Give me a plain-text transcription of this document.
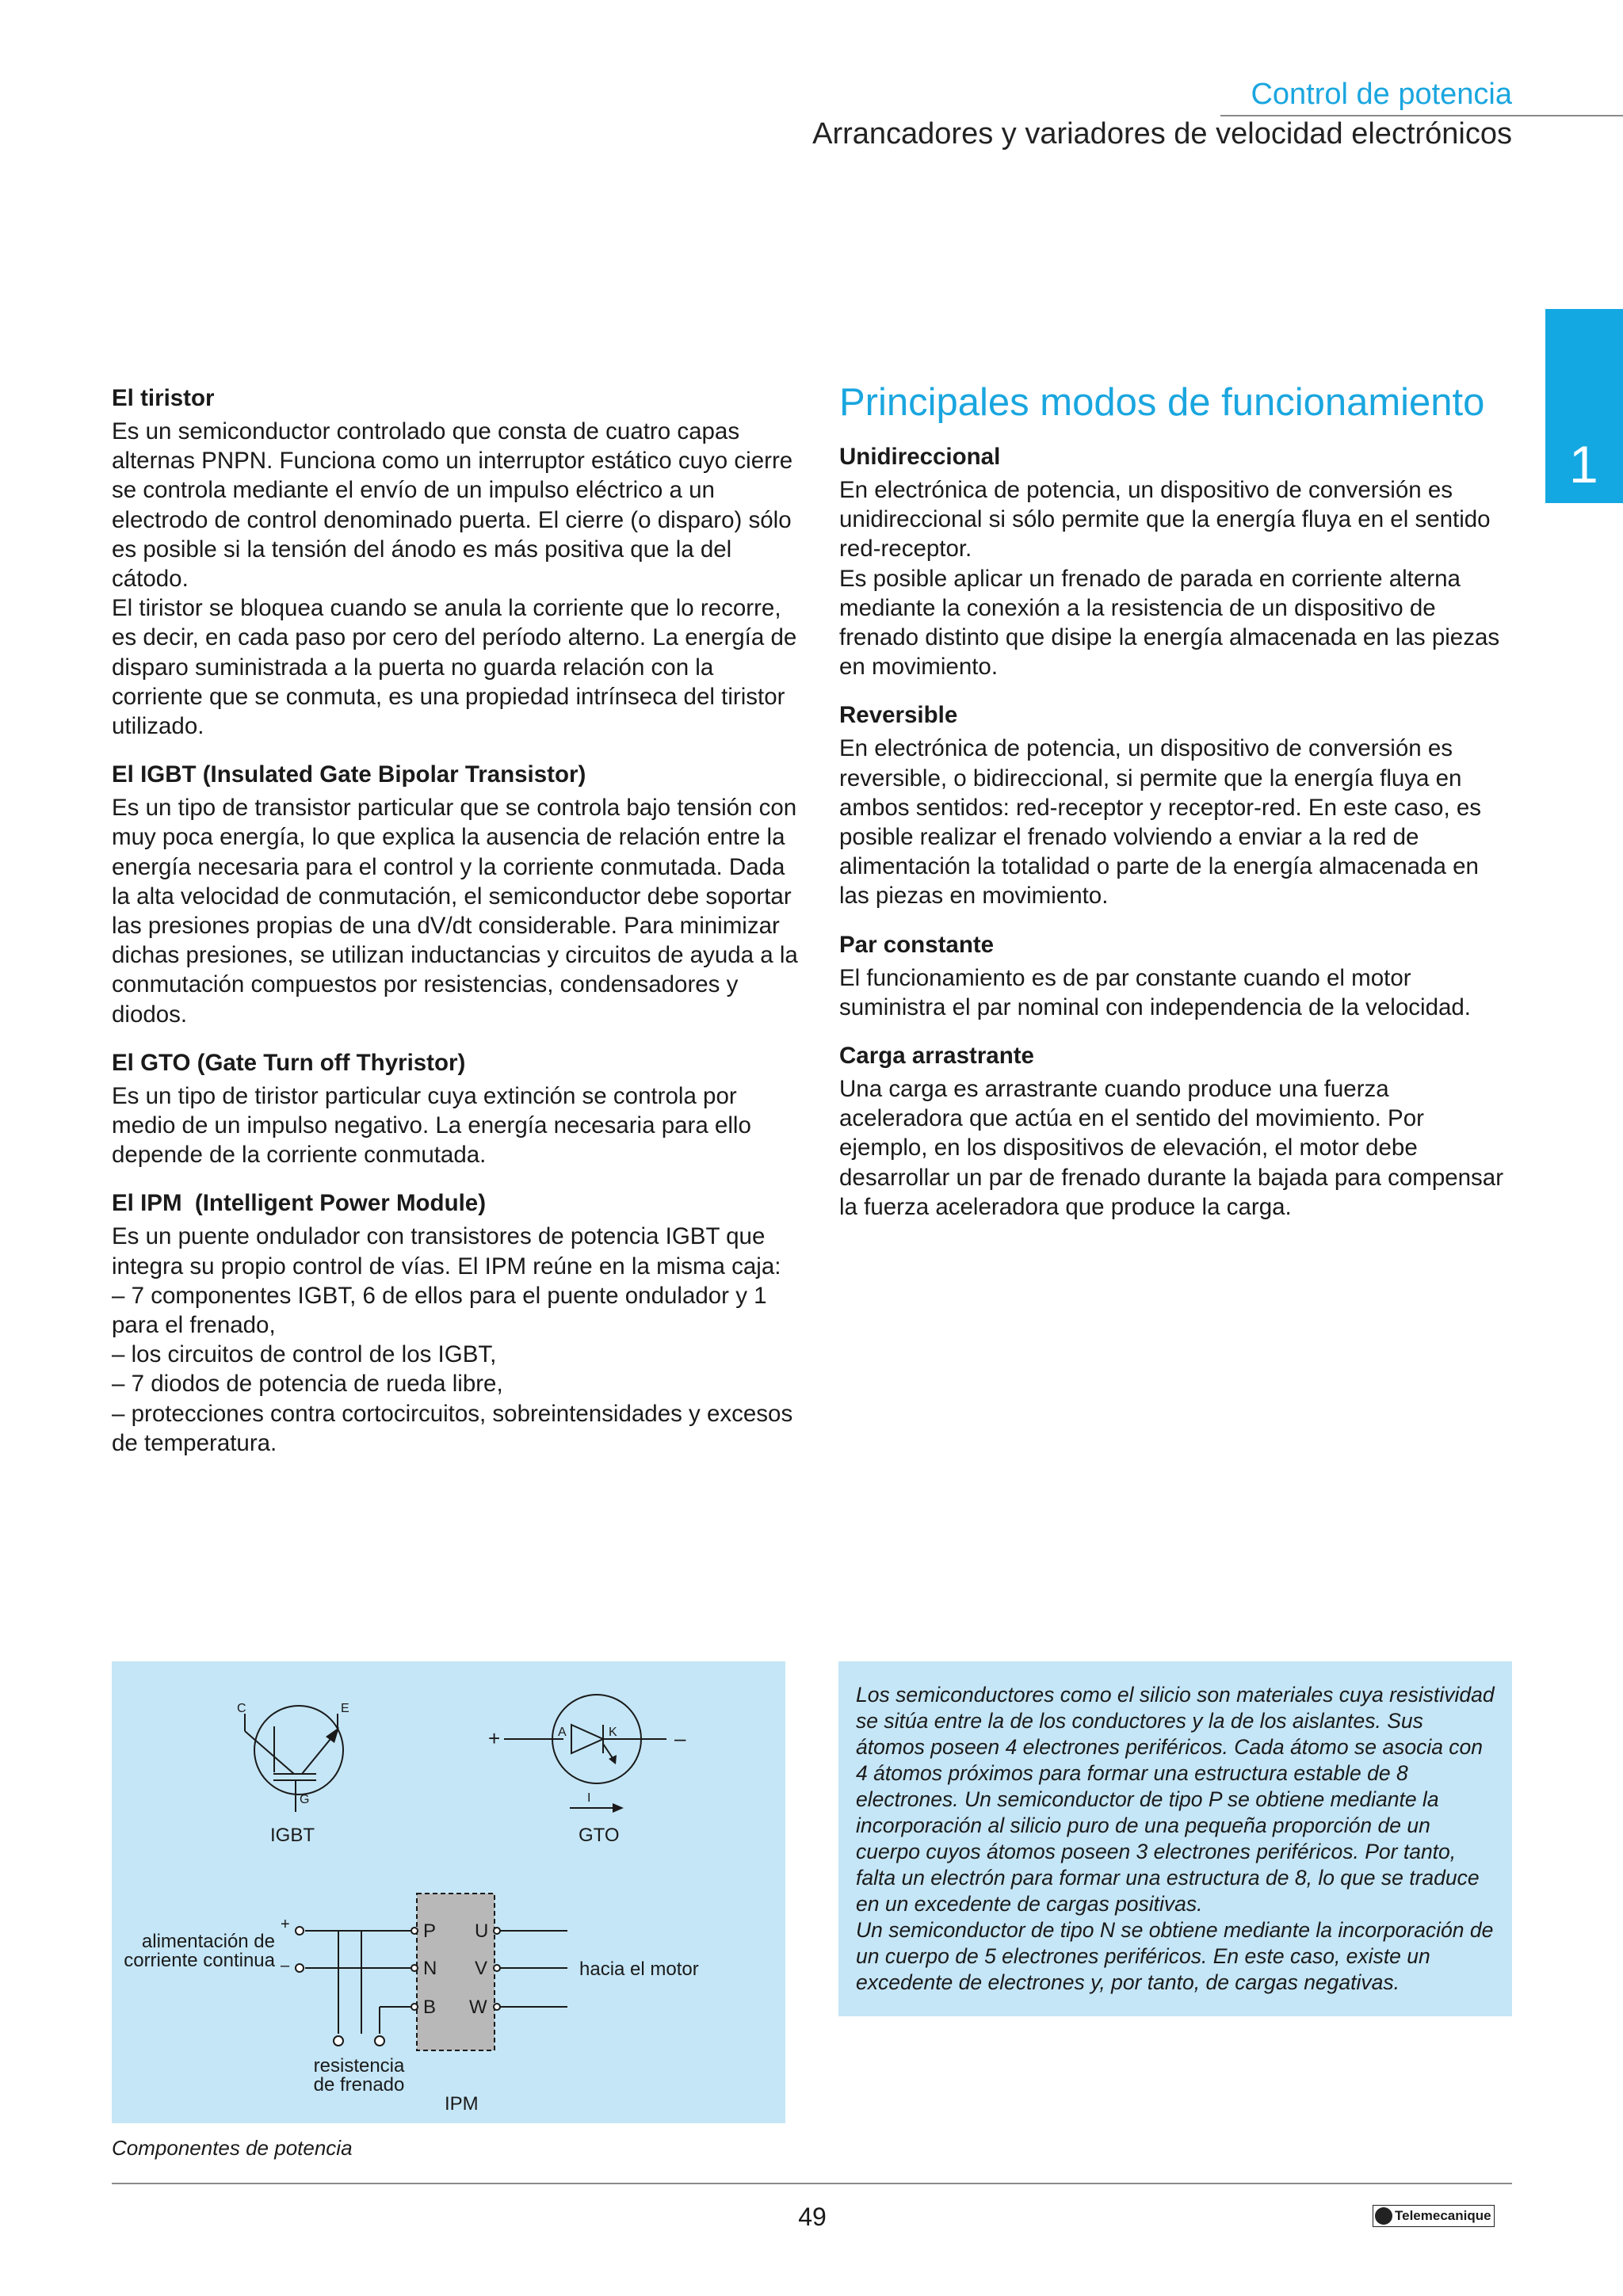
Control de potencia
Arrancadores y variadores de velocidad electrónicos
1
El tiristor

Es un semiconductor controlado que consta de cuatro capas alternas PNPN. Funciona como un interruptor estático cuyo cierre se controla mediante el envío de un impulso eléctrico a un electrodo de control denominado puerta. El cierre (o disparo) sólo es posible si la tensión del ánodo es más positiva que la del cátodo.
El tiristor se bloquea cuando se anula la corriente que lo recorre, es decir, en cada paso por cero del período alterno. La energía de disparo suministrada a la puerta no guarda relación con la corriente que se conmuta, es una propiedad intrínseca del tiristor utilizado.

El IGBT (Insulated Gate Bipolar Transistor)

Es un tipo de transistor particular que se controla bajo tensión con muy poca energía, lo que explica la ausencia de relación entre la energía necesaria para el control y la corriente conmutada. Dada la alta velocidad de conmutación, el semiconductor debe soportar las presiones propias de una dV/dt considerable. Para minimizar dichas presiones, se utilizan inductancias y circuitos de ayuda a la conmutación compuestos por resistencias, condensadores y diodos.

El GTO (Gate Turn off Thyristor)

Es un tipo de tiristor particular cuya extinción se controla por medio de un impulso negativo. La energía necesaria para ello depende de la corriente conmutada.

El IPM  (Intelligent Power Module)

Es un puente ondulador con transistores de potencia IGBT que integra su propio control de vías. El IPM reúne en la misma caja:
– 7 componentes IGBT, 6 de ellos para el puente ondulador y 1 para el frenado,
– los circuitos de control de los IGBT,
– 7 diodos de potencia de rueda libre,
– protecciones contra cortocircuitos, sobreintensidades y excesos de temperatura.

Principales modos de funcionamiento
Unidireccional

En electrónica de potencia, un dispositivo de conversión es unidireccional si sólo permite que la energía fluya en el sentido red-receptor.
Es posible aplicar un frenado de parada en corriente alterna mediante la conexión a la resistencia de un dispositivo de frenado distinto que disipe la energía almacenada en las piezas en movimiento.

Reversible

En electrónica de potencia, un dispositivo de conversión es reversible, o bidireccional, si permite que la energía fluya en ambos sentidos: red-receptor y receptor-red. En este caso, es posible realizar el frenado volviendo a enviar a la red de alimentación la totalidad o parte de la energía almacenada en las piezas en movimiento.

Par constante

El funcionamiento es de par constante cuando el motor suministra el par nominal con independencia de la velocidad.

Carga arrastrante

Una carga es arrastrante cuando produce una fuerza aceleradora que actúa en el sentido del movimiento. Por ejemplo, en los dispositivos de elevación, el motor debe desarrollar un par de frenado durante la bajada para compensar la fuerza aceleradora que produce la carga.

C	E
G
+	A	K	–
I
IGBT	GTO
alimentación de
corriente continua
+
–
P
N
B
U
V
W
hacia el motor
resistencia
de frenado
IPM
Componentes de potencia

Los semiconductores como el silicio son materiales cuya resistividad se sitúa entre la de los conductores y la de los aislantes. Sus átomos poseen 4 electrones periféricos. Cada átomo se asocia con 4 átomos próximos para formar una estructura estable de 8 electrones. Un semiconductor de tipo P se obtiene mediante la incorporación al silicio puro de una pequeña proporción de un cuerpo cuyos átomos poseen 3 electrones periféricos. Por tanto, falta un electrón para formar una estructura de 8, lo que se traduce en un excedente de cargas positivas.
Un semiconductor de tipo N se obtiene mediante la incorporación de un cuerpo de 5 electrones periféricos. En este caso, existe un excedente de electrones y, por tanto, de cargas negativas.

49	Telemecanique
